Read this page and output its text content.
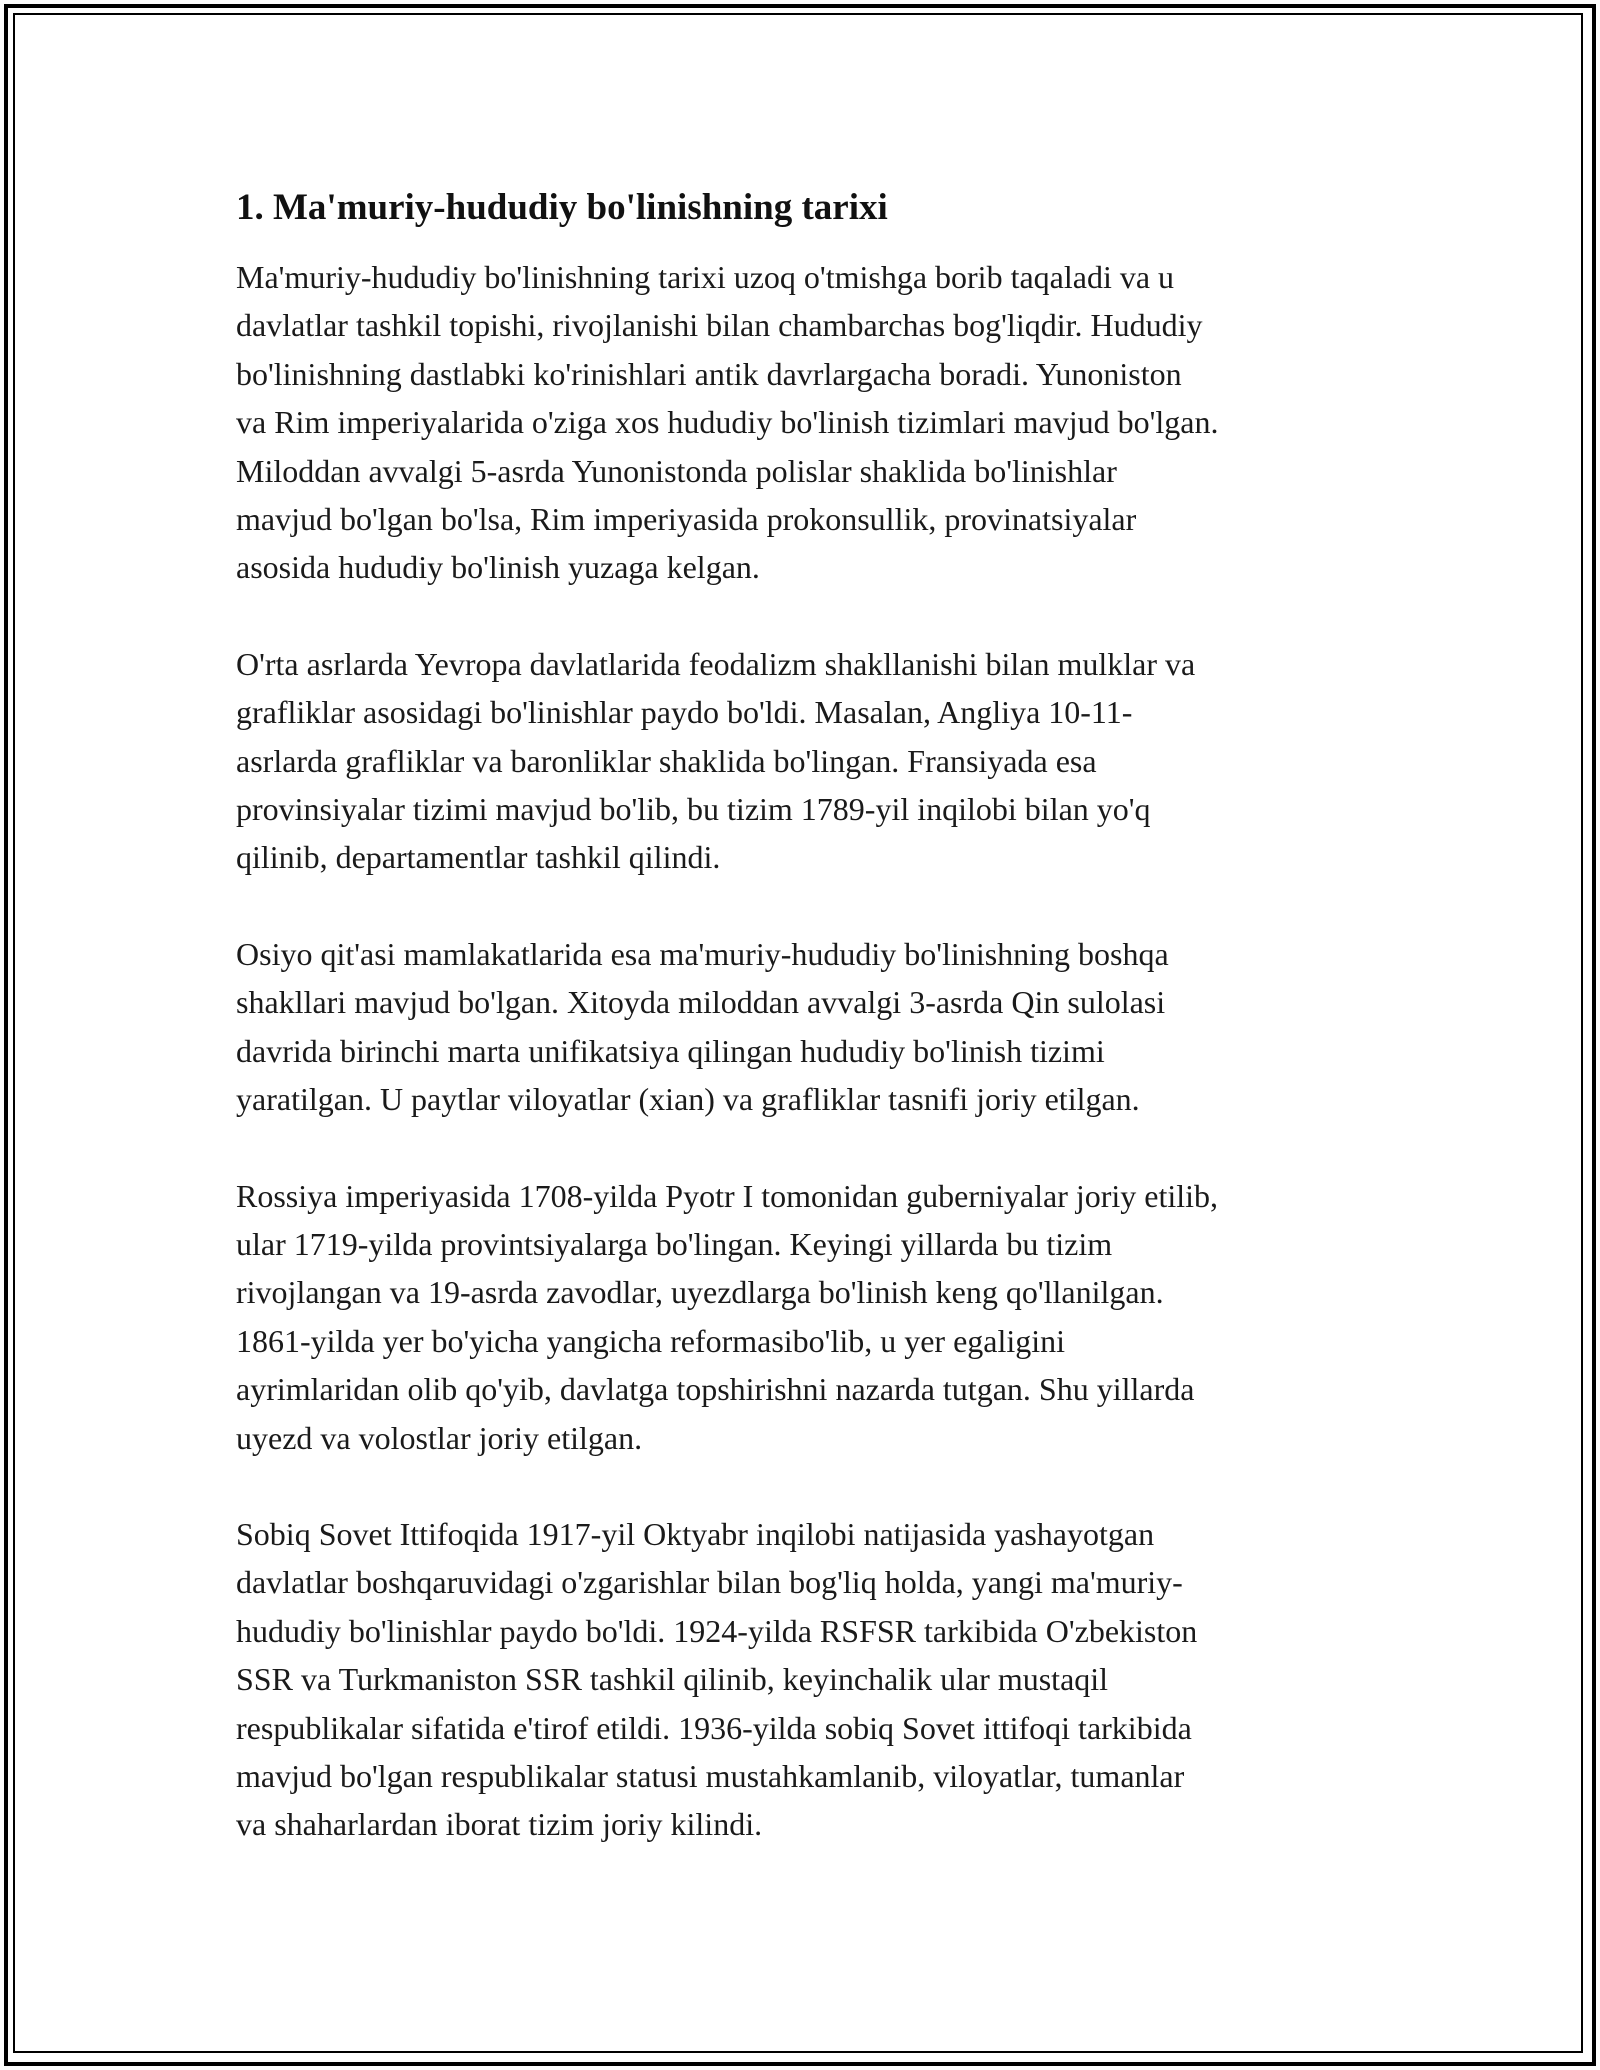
1. Ma'muriy-hududiy bo'linishning tarixi

Ma'muriy-hududiy bo'linishning tarixi uzoq o'tmishga borib taqaladi va u
davlatlar tashkil topishi, rivojlanishi bilan chambarchas bog'liqdir. Hududiy
bo'linishning dastlabki ko'rinishlari antik davrlargacha boradi. Yunoniston
va Rim imperiyalarida o'ziga xos hududiy bo'linish tizimlari mavjud bo'lgan.
Miloddan avvalgi 5-asrda Yunonistonda polislar shaklida bo'linishlar
mavjud bo'lgan bo'lsa, Rim imperiyasida prokonsullik, provinatsiyalar
asosida hududiy bo'linish yuzaga kelgan.

O'rta asrlarda Yevropa davlatlarida feodalizm shakllanishi bilan mulklar va
grafliklar asosidagi bo'linishlar paydo bo'ldi. Masalan, Angliya 10-11-
asrlarda grafliklar va baronliklar shaklida bo'lingan. Fransiyada esa
provinsiyalar tizimi mavjud bo'lib, bu tizim 1789-yil inqilobi bilan yo'q
qilinib, departamentlar tashkil qilindi.

Osiyo qit'asi mamlakatlarida esa ma'muriy-hududiy bo'linishning boshqa
shakllari mavjud bo'lgan. Xitoyda miloddan avvalgi 3-asrda Qin sulolasi
davrida birinchi marta unifikatsiya qilingan hududiy bo'linish tizimi
yaratilgan. U paytlar viloyatlar (xian) va grafliklar tasnifi joriy etilgan.

Rossiya imperiyasida 1708-yilda Pyotr I tomonidan guberniyalar joriy etilib,
ular 1719-yilda provintsiyalarga bo'lingan. Keyingi yillarda bu tizim
rivojlangan va 19-asrda zavodlar, uyezdlarga bo'linish keng qo'llanilgan.
1861-yilda yer bo'yicha yangicha reformasibo'lib, u yer egaligini
ayrimlaridan olib qo'yib, davlatga topshirishni nazarda tutgan. Shu yillarda
uyezd va volostlar joriy etilgan.

Sobiq Sovet Ittifoqida 1917-yil Oktyabr inqilobi natijasida yashayotgan
davlatlar boshqaruvidagi o'zgarishlar bilan bog'liq holda, yangi ma'muriy-
hududiy bo'linishlar paydo bo'ldi. 1924-yilda RSFSR tarkibida O'zbekiston
SSR va Turkmaniston SSR tashkil qilinib, keyinchalik ular mustaqil
respublikalar sifatida e'tirof etildi. 1936-yilda sobiq Sovet ittifoqi tarkibida
mavjud bo'lgan respublikalar statusi mustahkamlanib, viloyatlar, tumanlar
va shaharlardan iborat tizim joriy kilindi.
